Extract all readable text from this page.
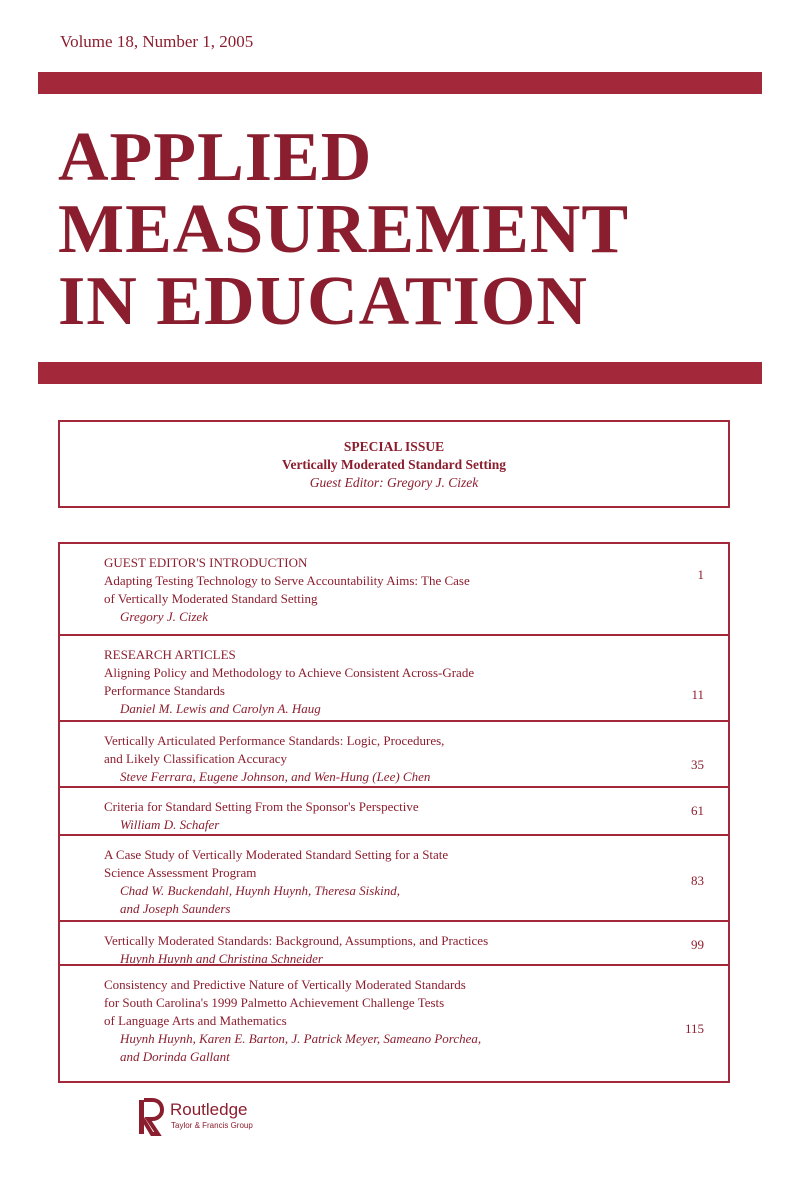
Volume 18, Number 1, 2005
APPLIED
MEASUREMENT
IN EDUCATION
SPECIAL ISSUE
Vertically Moderated Standard Setting
Guest Editor: Gregory J. Cizek
GUEST EDITOR'S INTRODUCTION
Adapting Testing Technology to Serve Accountability Aims: The Case
of Vertically Moderated Standard Setting
Gregory J. Cizek
1
RESEARCH ARTICLES
Aligning Policy and Methodology to Achieve Consistent Across-Grade
Performance Standards
Daniel M. Lewis and Carolyn A. Haug
11
Vertically Articulated Performance Standards: Logic, Procedures,
and Likely Classification Accuracy
Steve Ferrara, Eugene Johnson, and Wen-Hung (Lee) Chen
35
Criteria for Standard Setting From the Sponsor's Perspective
William D. Schafer
61
A Case Study of Vertically Moderated Standard Setting for a State
Science Assessment Program
Chad W. Buckendahl, Huynh Huynh, Theresa Siskind,
and Joseph Saunders
83
Vertically Moderated Standards: Background, Assumptions, and Practices
Huynh Huynh and Christina Schneider
99
Consistency and Predictive Nature of Vertically Moderated Standards
for South Carolina's 1999 Palmetto Achievement Challenge Tests
of Language Arts and Mathematics
Huynh Huynh, Karen E. Barton, J. Patrick Meyer, Sameano Porchea,
and Dorinda Gallant
115
Routledge
Taylor & Francis Group
